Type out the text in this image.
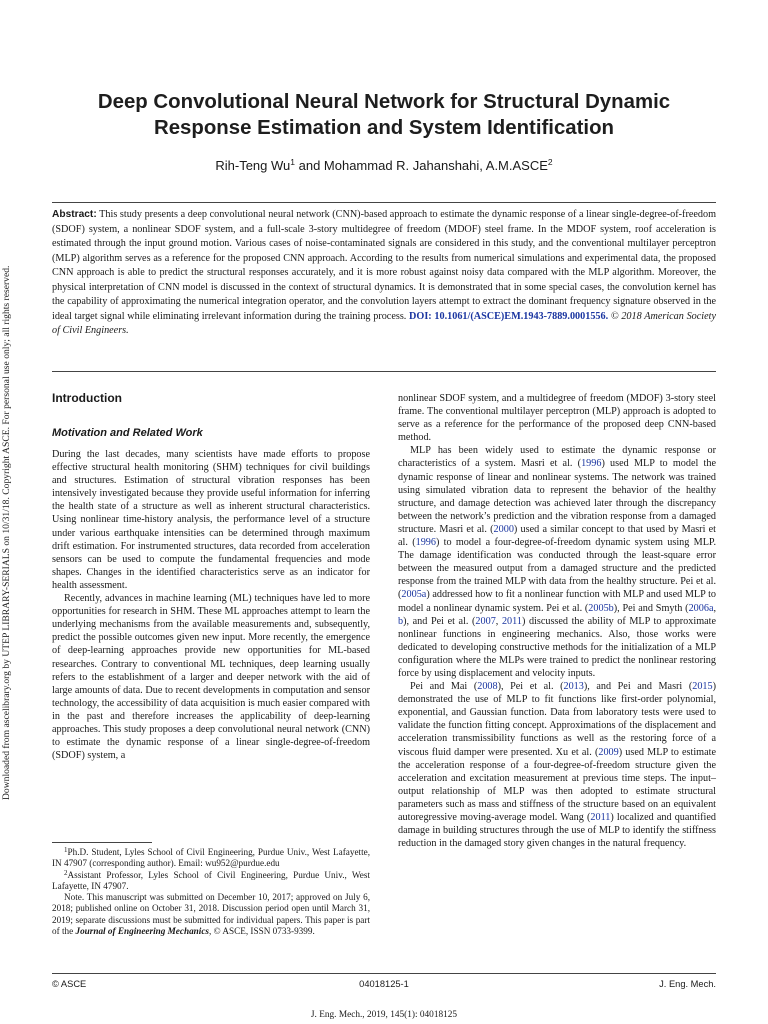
Downloaded from ascelibrary.org by UTEP LIBRARY-SERIALS on 10/31/18. Copyright ASCE. For personal use only; all rights reserved.
Deep Convolutional Neural Network for Structural Dynamic
Response Estimation and System Identification
Rih-Teng Wu$^1$ and Mohammad R. Jahanshahi, A.M.ASCE$^2$

Abstract: This study presents a deep convolutional neural network (CNN)-based approach to estimate the dynamic response of a linear single-degree-of-freedom (SDOF) system, a nonlinear SDOF system, and a full-scale 3-story multidegree of freedom (MDOF) steel frame. In the MDOF system, roof acceleration is estimated through the input ground motion. Various cases of noise-contaminated signals are considered in this study, and the conventional multilayer perceptron (MLP) algorithm serves as a reference for the proposed CNN approach. According to the results from numerical simulations and experimental data, the proposed CNN approach is able to predict the structural responses accurately, and it is more robust against noisy data compared with the MLP algorithm. Moreover, the physical interpretation of CNN model is discussed in the context of structural dynamics. It is demonstrated that in some special cases, the convolution kernel has the capability of approximating the numerical integration operator, and the convolution layers attempt to extract the dominant frequency signature observed in the ideal target signal while eliminating irrelevant information during the training process. DOI: 10.1061/(ASCE)EM.1943-7889.0001556. © 2018 American Society of Civil Engineers.

Introduction
Motivation and Related Work

During the last decades, many scientists have made efforts to propose effective structural health monitoring (SHM) techniques for civil buildings and structures. Estimation of structural vibration responses has been intensively investigated because they provide useful information for inferring the health state of a structure as well as inherent structural characteristics. Using nonlinear time-history analysis, the performance level of a structure under various earthquake intensities can be determined through maximum drift estimation. For instrumented structures, data recorded from acceleration sensors can be used to compute the fundamental frequencies and mode shapes. Changes in the identified characteristics serve as an indicator for health assessment.

Recently, advances in machine learning (ML) techniques have led to more opportunities for research in SHM. These ML approaches attempt to learn the underlying mechanisms from the available measurements and, subsequently, predict the possible outcomes given new input. More recently, the emergence of deep-learning approaches provide new opportunities for ML-based researches. Contrary to conventional ML techniques, deep learning usually refers to the establishment of a larger and deeper network with the aid of large amounts of data. Due to recent developments in computation and sensor technology, the accessibility of data acquisition is much easier compared with in the past and therefore increases the applicability of deep-learning approaches. This study proposes a deep convolutional neural network (CNN) to estimate the dynamic response of a linear single-degree-of-freedom (SDOF) system, a

nonlinear SDOF system, and a multidegree of freedom (MDOF) 3-story steel frame. The conventional multilayer perceptron (MLP) approach is adopted to serve as a reference for the performance of the proposed deep CNN-based method.

MLP has been widely used to estimate the dynamic response or characteristics of a system. Masri et al. (1996) used MLP to model the dynamic response of linear and nonlinear systems. The network was trained using simulated vibration data to represent the behavior of the healthy structure, and damage detection was achieved later through the discrepancy between the network’s prediction and the vibration response from a damaged structure. Masri et al. (2000) used a similar concept to that used by Masri et al. (1996) to model a four-degree-of-freedom dynamic system using MLP. The damage identification was conducted through the least-square error between the measured output from a damaged structure and the predicted response from the trained MLP with data from the healthy structure. Pei et al. (2005a) addressed how to fit a nonlinear function with MLP and used MLP to model a nonlinear dynamic system. Pei et al. (2005b), Pei and Smyth (2006a, b), and Pei et al. (2007, 2011) discussed the ability of MLP to approximate nonlinear functions in engineering mechanics. Also, those works were dedicated to developing constructive methods for the initialization of a MLP configuration where the MLPs were trained to predict the nonlinear restoring force by using displacement and velocity inputs.

Pei and Mai (2008), Pei et al. (2013), and Pei and Masri (2015) demonstrated the use of MLP to fit functions like first-order polynomial, exponential, and Gaussian function. Data from laboratory tests were used to validate the function fitting concept. Approximations of the displacement and acceleration transmissibility functions as well as the restoring force of a viscous fluid damper were presented. Xu et al. (2009) used MLP to estimate the acceleration response of a four-degree-of-freedom structure given the acceleration and excitation measurement at previous time steps. The input–output relationship of MLP was then adopted to estimate structural parameters such as mass and stiffness of the structure based on an equivalent autoregressive moving-average model. Wang (2011) localized and quantified damage in building structures through the use of MLP to identify the stiffness reduction in the damaged story given changes in the natural frequency.

$^1$Ph.D. Student, Lyles School of Civil Engineering, Purdue Univ., West Lafayette, IN 47907 (corresponding author). Email: wu952@purdue.edu

$^2$Assistant Professor, Lyles School of Civil Engineering, Purdue Univ., West Lafayette, IN 47907.

Note. This manuscript was submitted on December 10, 2017; approved on July 6, 2018; published online on October 31, 2018. Discussion period open until March 31, 2019; separate discussions must be submitted for individual papers. This paper is part of the Journal of Engineering Mechanics, © ASCE, ISSN 0733-9399.

© ASCE	04018125-1	J. Eng. Mech.
J. Eng. Mech., 2019, 145(1): 04018125
